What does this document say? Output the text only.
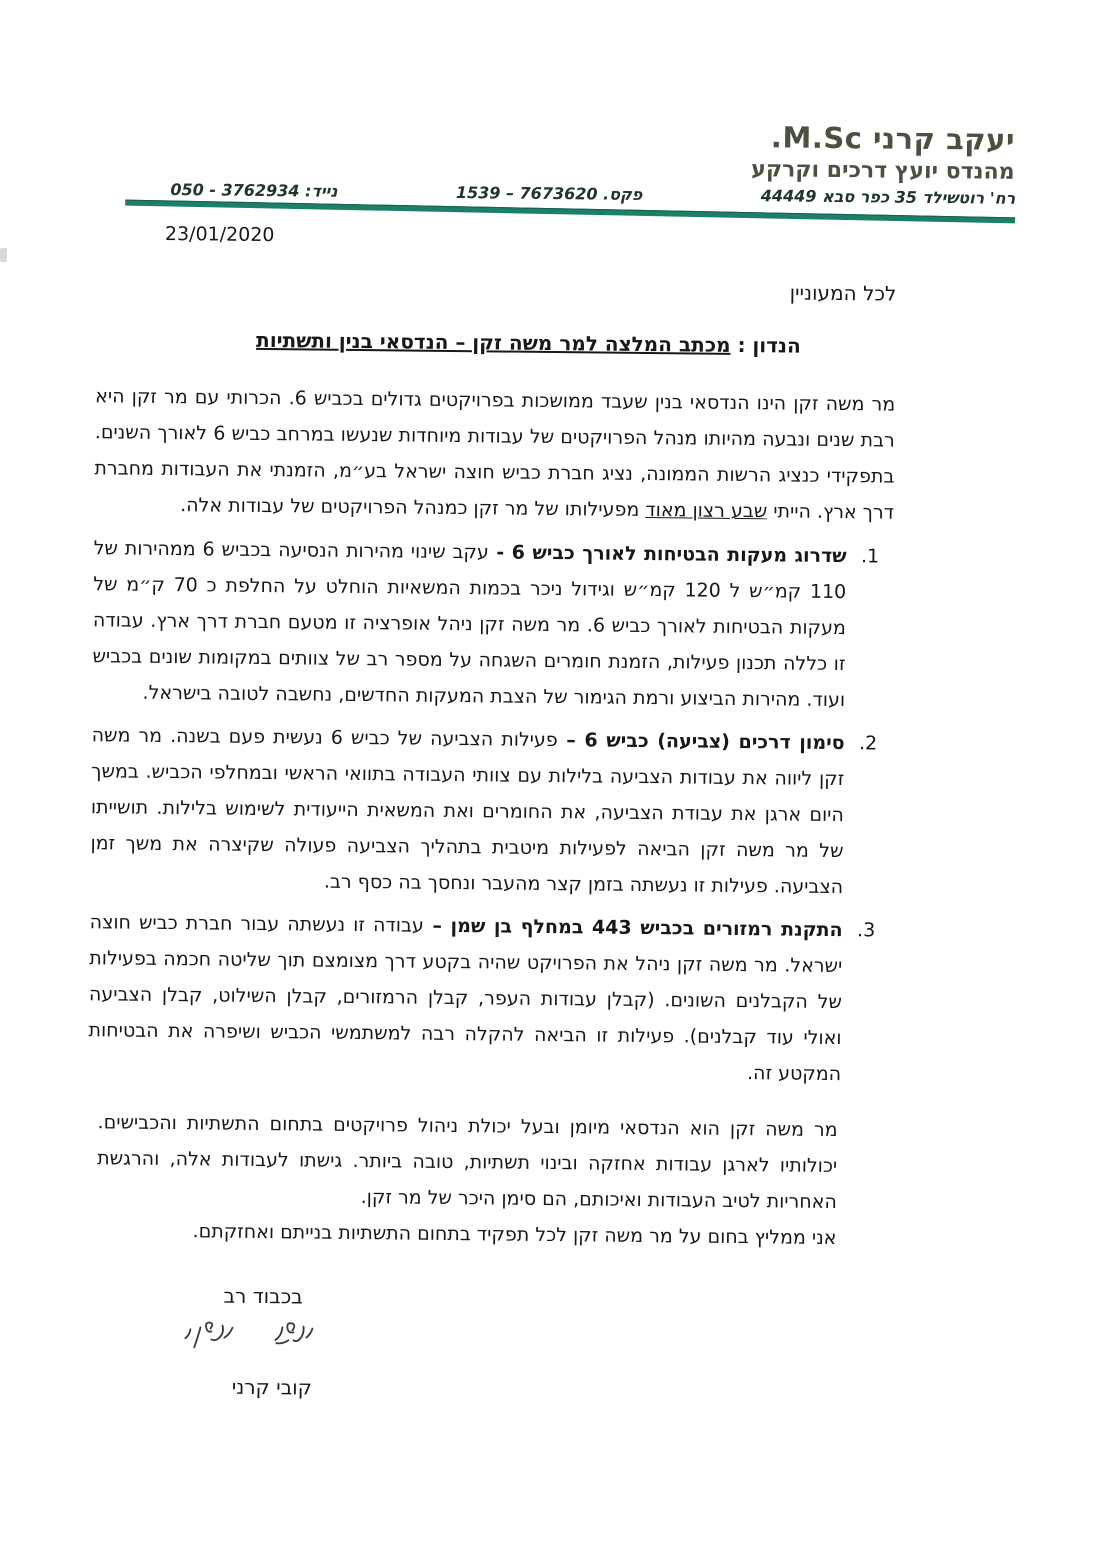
יעקב קרני M.Sc.
מהנדס יועץ דרכים וקרקע
רח' רוטשילד 35 כפר סבא 44449
פקס. 1539 – 7673620
נייד: 050 - 3762934
23/01/2020
לכל המעוניין
הנדון : מכתב המלצה למר משה זקן – הנדסאי בנין ותשתיות
מר משה זקן הינו הנדסאי בנין שעבד ממושכות בפרויקטים גדולים בכביש 6. הכרותי עם מר זקן היא רבת שנים ונבעה מהיותו מנהל הפרויקטים של עבודות מיוחדות שנעשו במרחב כביש 6 לאורך השנים. בתפקידי כנציג הרשות הממונה, נציג חברת כביש חוצה ישראל בע״מ, הזמנתי את העבודות מחברת דרך ארץ. הייתי שבע רצון מאוד מפעילותו של מר זקן כמנהל הפרויקטים של עבודות אלה.
1.
שדרוג מעקות הבטיחות לאורך כביש 6 - עקב שינוי מהירות הנסיעה בכביש 6 ממהירות של 110 קמ״ש ל 120 קמ״ש וגידול ניכר בכמות המשאיות הוחלט על החלפת כ 70 ק״מ של מעקות הבטיחות לאורך כביש 6. מר משה זקן ניהל אופרציה זו מטעם חברת דרך ארץ. עבודה זו כללה תכנון פעילות, הזמנת חומרים השגחה על מספר רב של צוותים במקומות שונים בכביש ועוד. מהירות הביצוע ורמת הגימור של הצבת המעקות החדשים, נחשבה לטובה בישראל.
2.
סימון דרכים (צביעה) כביש 6 – פעילות הצביעה של כביש 6 נעשית פעם בשנה. מר משה זקן ליווה את עבודות הצביעה בלילות עם צוותי העבודה בתוואי הראשי ובמחלפי הכביש. במשך היום ארגן את עבודת הצביעה, את החומרים ואת המשאית הייעודית לשימוש בלילות. תושייתו של מר משה זקן הביאה לפעילות מיטבית בתהליך הצביעה פעולה שקיצרה את משך זמן הצביעה. פעילות זו נעשתה בזמן קצר מהעבר ונחסך בה כסף רב.
3.
התקנת רמזורים בכביש 443 במחלף בן שמן – עבודה זו נעשתה עבור חברת כביש חוצה ישראל. מר משה זקן ניהל את הפרויקט שהיה בקטע דרך מצומצם תוך שליטה חכמה בפעילות של הקבלנים השונים. (קבלן עבודות העפר, קבלן הרמזורים, קבלן השילוט, קבלן הצביעה ואולי עוד קבלנים). פעילות זו הביאה להקלה רבה למשתמשי הכביש ושיפרה את הבטיחות המקטע זה.

מר משה זקן הוא הנדסאי מיומן ובעל יכולת ניהול פרויקטים בתחום התשתיות והכבישים. יכולותיו לארגן עבודות אחזקה ובינוי תשתיות, טובה ביותר. גישתו לעבודות אלה, והרגשת האחריות לטיב העבודות ואיכותם, הם סימן היכר של מר זקן.

אני ממליץ בחום על מר משה זקן לכל תפקיד בתחום התשתיות בנייתם ואחזקתם.

בכבוד רב
קובי קרני
